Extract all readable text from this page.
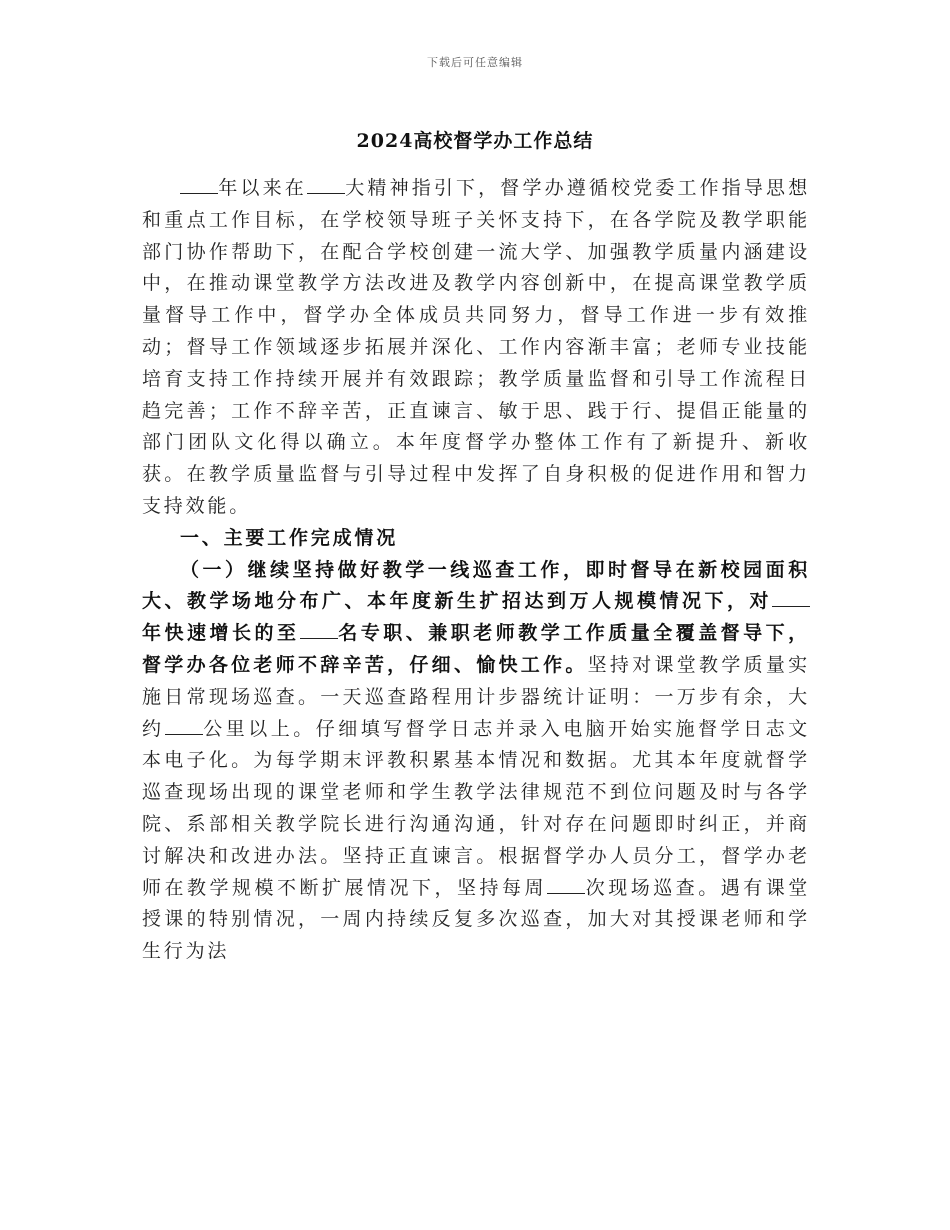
下载后可任意编辑
2024高校督学办工作总结

年以来在 大精神指引下，督学办遵循校党委工作指导思想和重点工作目标，在学校领导班子关怀支持下，在各学院及教学职能部门协作帮助下，在配合学校创建一流大学、加强教学质量内涵建设中，在推动课堂教学方法改进及教学内容创新中，在提高课堂教学质量督导工作中，督学办全体成员共同努力，督导工作进一步有效推动；督导工作领域逐步拓展并深化、工作内容渐丰富；老师专业技能培育支持工作持续开展并有效跟踪；教学质量监督和引导工作流程日趋完善；工作不辞辛苦，正直谏言、敏于思、践于行、提倡正能量的部门团队文化得以确立。本年度督学办整体工作有了新提升、新收获。在教学质量监督与引导过程中发挥了自身积极的促进作用和智力支持效能。

一、主要工作完成情况

（一）继续坚持做好教学一线巡查工作，即时督导在新校园面积大、教学场地分布广、本年度新生扩招达到万人规模情况下，对年快速增长的至 名专职、兼职老师教学工作质量全覆盖督导下，督学办各位老师不辞辛苦，仔细、愉快工作。坚持对课堂教学质量实施日常现场巡查。一天巡查路程用计步器统计证明：一万步有余，大约 公里以上。仔细填写督学日志并录入电脑开始实施督学日志文本电子化。为每学期末评教积累基本情况和数据。尤其本年度就督学巡查现场出现的课堂老师和学生教学法律规范不到位问题及时与各学院、系部相关教学院长进行沟通沟通，针对存在问题即时纠正，并商讨解决和改进办法。坚持正直谏言。根据督学办人员分工，督学办老师在教学规模不断扩展情况下，坚持每周 次现场巡查。遇有课堂授课的特别情况，一周内持续反复多次巡查，加大对其授课老师和学生行为法
